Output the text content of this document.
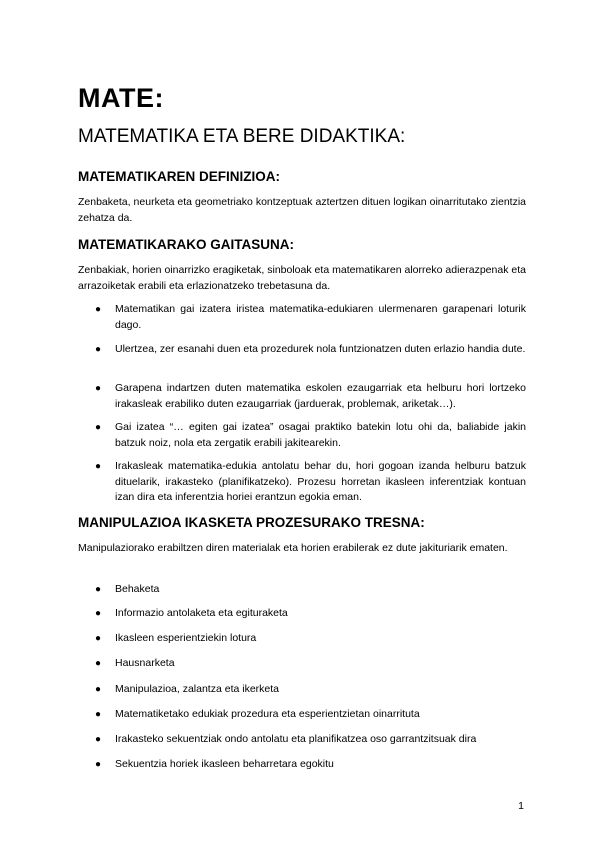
MATE:
MATEMATIKA ETA BERE DIDAKTIKA:
MATEMATIKAREN DEFINIZIOA:

Zenbaketa, neurketa eta geometriako kontzeptuak aztertzen dituen logikan oinarritutako zientzia zehatza da.

MATEMATIKARAKO GAITASUNA:

Zenbakiak, horien oinarrizko eragiketak, sinboloak eta matematikaren alorreko adierazpenak eta arrazoiketak erabili eta erlazionatzeko trebetasuna da.

● Matematikan gai izatera iristea matematika-edukiaren ulermenaren garapenari loturik dago.
● Ulertzea, zer esanahi duen eta prozedurek nola funtzionatzen duten erlazio handia dute.
● Garapena indartzen duten matematika eskolen ezaugarriak eta helburu hori lortzeko irakasleak erabiliko duten ezaugarriak (jarduerak, problemak, ariketak…).
● Gai izatea “… egiten gai izatea” osagai praktiko batekin lotu ohi da, baliabide jakin batzuk noiz, nola eta zergatik erabili jakitearekin.
● Irakasleak matematika-edukia antolatu behar du, hori gogoan izanda helburu batzuk dituelarik, irakasteko (planifikatzeko). Prozesu horretan ikasleen inferentziak kontuan izan dira eta inferentzia horiei erantzun egokia eman.
MANIPULAZIOA IKASKETA PROZESURAKO TRESNA:

Manipulaziorako erabiltzen diren materialak eta horien erabilerak ez dute jakituriarik ematen.

● Behaketa
● Informazio antolaketa eta egituraketa
● Ikasleen esperientziekin lotura
● Hausnarketa
● Manipulazioa, zalantza eta ikerketa
● Matematiketako edukiak prozedura eta esperientzietan oinarrituta
● Irakasteko sekuentziak ondo antolatu eta planifikatzea oso garrantzitsuak dira
● Sekuentzia horiek ikasleen beharretara egokitu
1
